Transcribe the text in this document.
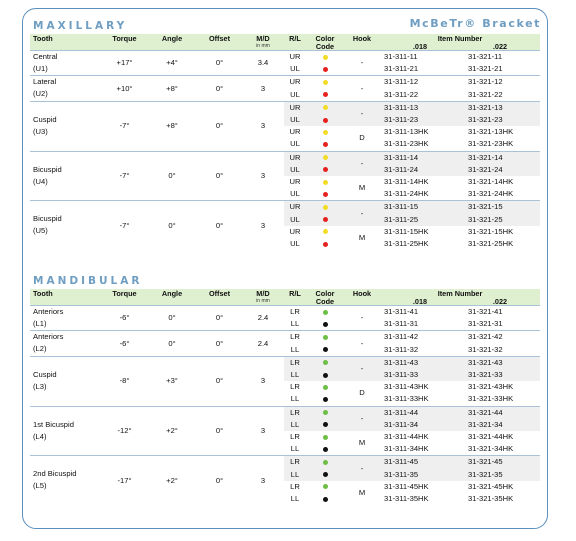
MAXILLARY	McBeTr® Bracket
Tooth	Torque	Angle	Offset	M/D	R/L	Color	Hook	Item Number	
				in mm		Code		.018	.022

Central
(U1)	+17°	+4°	0°	3.4	UR		-	31-311-11	31-321-11
					UL			31-311-21	31-321-21

Lateral
(U2)	+10°	+8°	0°	3	UR		-	31-311-12	31-321-12
					UL			31-311-22	31-321-22

Cuspid
(U3)	-7°	+8°	0°	3	UR		-	31-311-13	31-321-13
					UL			31-311-23	31-321-23
					UR		D	31-311-13HK	31-321-13HK
					UL			31-311-23HK	31-321-23HK

Bicuspid
(U4)	-7°	0°	0°	3	UR		-	31-311-14	31-321-14
					UL			31-311-24	31-321-24
					UR		M	31-311-14HK	31-321-14HK
					UL			31-311-24HK	31-321-24HK

Bicuspid
(U5)	-7°	0°	0°	3	UR		-	31-311-15	31-321-15
					UL			31-311-25	31-321-25
					UR		M	31-311-15HK	31-321-15HK
					UL			31-311-25HK	31-321-25HK
MANDIBULAR
Tooth	Torque	Angle	Offset	M/D	R/L	Color	Hook	Item Number	
				in mm		Code		.018	.022

Anteriors
(L1)	-6°	0°	0°	2.4	LR		-	31-311-41	31-321-41
					LL			31-311-31	31-321-31

Anteriors
(L2)	-6°	0°	0°	2.4	LR		-	31-311-42	31-321-42
					LL			31-311-32	31-321-32

Cuspid
(L3)	-8°	+3°	0°	3	LR		-	31-311-43	31-321-43
					LL			31-311-33	31-321-33
					LR		D	31-311-43HK	31-321-43HK
					LL			31-311-33HK	31-321-33HK

1st Bicuspid
(L4)	-12°	+2°	0°	3	LR		-	31-311-44	31-321-44
					LL			31-311-34	31-321-34
					LR		M	31-311-44HK	31-321-44HK
					LL			31-311-34HK	31-321-34HK

2nd Bicuspid
(L5)	-17°	+2°	0°	3	LR		-	31-311-45	31-321-45
					LL			31-311-35	31-321-35
					LR		M	31-311-45HK	31-321-45HK
					LL			31-311-35HK	31-321-35HK
